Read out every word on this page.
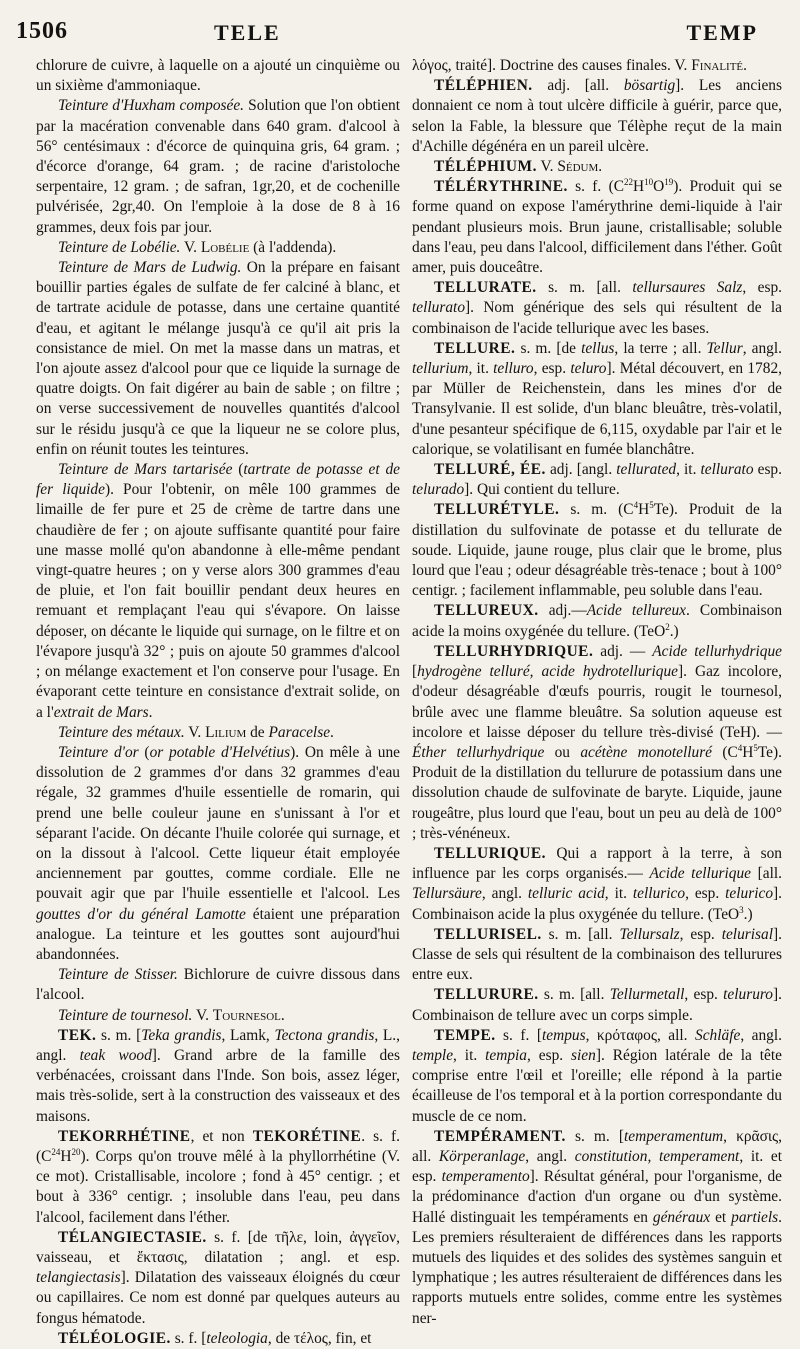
1506	TELE	TEMP

chlorure de cuivre, à laquelle on a ajouté un cinquième ou un sixième d'ammoniaque.

Teinture d'Huxham composée. Solution que l'on obtient par la macération convenable dans 640 gram. d'alcool à 56° centésimaux : d'écorce de quinquina gris, 64 gram. ; d'écorce d'orange, 64 gram. ; de racine d'aristoloche serpentaire, 12 gram. ; de safran, 1gr,20, et de cochenille pulvérisée, 2gr,40. On l'emploie à la dose de 8 à 16 grammes, deux fois par jour.

Teinture de Lobélie. V. Lobélie (à l'addenda).

Teinture de Mars de Ludwig. On la prépare en faisant bouillir parties égales de sulfate de fer calciné à blanc, et de tartrate acidule de potasse, dans une certaine quantité d'eau, et agitant le mélange jusqu'à ce qu'il ait pris la consistance de miel. On met la masse dans un matras, et l'on ajoute assez d'alcool pour que ce liquide la surnage de quatre doigts. On fait digérer au bain de sable ; on filtre ; on verse successivement de nouvelles quantités d'alcool sur le résidu jusqu'à ce que la liqueur ne se colore plus, enfin on réunit toutes les teintures.

Teinture de Mars tartarisée (tartrate de potasse et de fer liquide). Pour l'obtenir, on mêle 100 grammes de limaille de fer pure et 25 de crème de tartre dans une chaudière de fer ; on ajoute suffisante quantité pour faire une masse mollé qu'on abandonne à elle-même pendant vingt-quatre heures ; on y verse alors 300 grammes d'eau de pluie, et l'on fait bouillir pendant deux heures en remuant et remplaçant l'eau qui s'évapore. On laisse déposer, on décante le liquide qui surnage, on le filtre et on l'évapore jusqu'à 32° ; puis on ajoute 50 grammes d'alcool ; on mélange exactement et l'on conserve pour l'usage. En évaporant cette teinture en consistance d'extrait solide, on a l'extrait de Mars.

Teinture des métaux. V. Lilium de Paracelse.

Teinture d'or (or potable d'Helvétius). On mêle à une dissolution de 2 grammes d'or dans 32 grammes d'eau régale, 32 grammes d'huile essentielle de romarin, qui prend une belle couleur jaune en s'unissant à l'or et séparant l'acide. On décante l'huile colorée qui surnage, et on la dissout à l'alcool. Cette liqueur était employée anciennement par gouttes, comme cordiale. Elle ne pouvait agir que par l'huile essentielle et l'alcool. Les gouttes d'or du général Lamotte étaient une préparation analogue. La teinture et les gouttes sont aujourd'hui abandonnées.

Teinture de Stisser. Bichlorure de cuivre dissous dans l'alcool.

Teinture de tournesol. V. Tournesol.

TEK. s. m. [Teka grandis, Lamk, Tectona grandis, L., angl. teak wood]. Grand arbre de la famille des verbénacées, croissant dans l'Inde. Son bois, assez léger, mais très-solide, sert à la construction des vaisseaux et des maisons.

TEKORRHÉTINE, et non TEKORÉTINE. s. f. $(C^{24}H^{20})$. Corps qu'on trouve mêlé à la phyllorrhétine (V. ce mot). Cristallisable, incolore ; fond à 45° centigr. ; et bout à 336° centigr. ; insoluble dans l'eau, peu dans l'alcool, facilement dans l'éther.

TÉLANGIECTASIE. s. f. [de τῆλε, loin, ἀγγεῖον, vaisseau, et ἔκτασις, dilatation ; angl. et esp. telangiectasis]. Dilatation des vaisseaux éloignés du cœur ou capillaires. Ce nom est donné par quelques auteurs au fongus hématode.

TÉLÉOLOGIE. s. f. [teleologia, de τέλος, fin, et

λόγος, traité]. Doctrine des causes finales. V. Finalité.

TÉLÉPHIEN. adj. [all. bösartig]. Les anciens donnaient ce nom à tout ulcère difficile à guérir, parce que, selon la Fable, la blessure que Télèphe reçut de la main d'Achille dégénéra en un pareil ulcère.

TÉLÉPHIUM. V. Sédum.

TÉLÉRYTHRINE. s. f. $(C^{22}H^{10}O^{19})$. Produit qui se forme quand on expose l'amérythrine demi-liquide à l'air pendant plusieurs mois. Brun jaune, cristallisable; soluble dans l'eau, peu dans l'alcool, difficilement dans l'éther. Goût amer, puis douceâtre.

TELLURATE. s. m. [all. tellursaures Salz, esp. tellurato]. Nom générique des sels qui résultent de la combinaison de l'acide tellurique avec les bases.

TELLURE. s. m. [de tellus, la terre ; all. Tellur, angl. tellurium, it. telluro, esp. teluro]. Métal découvert, en 1782, par Müller de Reichenstein, dans les mines d'or de Transylvanie. Il est solide, d'un blanc bleuâtre, très-volatil, d'une pesanteur spécifique de 6,115, oxydable par l'air et le calorique, se volatilisant en fumée blanchâtre.

TELLURÉ, ÉE. adj. [angl. tellurated, it. tellurato esp. telurado]. Qui contient du tellure.

TELLURÉTYLE. s. m. $(C^4H^5Te)$. Produit de la distillation du sulfovinate de potasse et du tellurate de soude. Liquide, jaune rouge, plus clair que le brome, plus lourd que l'eau ; odeur désagréable très-tenace ; bout à 100° centigr. ; facilement inflammable, peu soluble dans l'eau.

TELLUREUX. adj.—Acide tellureux. Combinaison acide la moins oxygénée du tellure. (TeO$^2$.)

TELLURHYDRIQUE. adj. — Acide tellurhydrique [hydrogène telluré, acide hydrotellurique]. Gaz incolore, d'odeur désagréable d'œufs pourris, rougit le tournesol, brûle avec une flamme bleuâtre. Sa solution aqueuse est incolore et laisse déposer du tellure très-divisé (TeH). — Éther tellurhydrique ou acétène monotelluré $(C^4H^5Te)$. Produit de la distillation du tellurure de potassium dans une dissolution chaude de sulfovinate de baryte. Liquide, jaune rougeâtre, plus lourd que l'eau, bout un peu au delà de 100° ; très-vénéneux.

TELLURIQUE. Qui a rapport à la terre, à son influence par les corps organisés.— Acide tellurique [all. Tellursäure, angl. telluric acid, it. tellurico, esp. telurico]. Combinaison acide la plus oxygénée du tellure. (TeO$^3$.)

TELLURISEL. s. m. [all. Tellursalz, esp. telurisal]. Classe de sels qui résultent de la combinaison des tellurures entre eux.

TELLURURE. s. m. [all. Tellurmetall, esp. telururo]. Combinaison de tellure avec un corps simple.

TEMPE. s. f. [tempus, κρόταφος, all. Schläfe, angl. temple, it. tempia, esp. sien]. Région latérale de la tête comprise entre l'œil et l'oreille; elle répond à la partie écailleuse de l'os temporal et à la portion correspondante du muscle de ce nom.

TEMPÉRAMENT. s. m. [temperamentum, κρᾶσις, all. Körperanlage, angl. constitution, temperament, it. et esp. temperamento]. Résultat général, pour l'organisme, de la prédominance d'action d'un organe ou d'un système. Hallé distinguait les tempéraments en généraux et partiels. Les premiers résulteraient de différences dans les rapports mutuels des liquides et des solides des systèmes sanguin et lymphatique ; les autres résulteraient de différences dans les rapports mutuels entre solides, comme entre les systèmes ner-
